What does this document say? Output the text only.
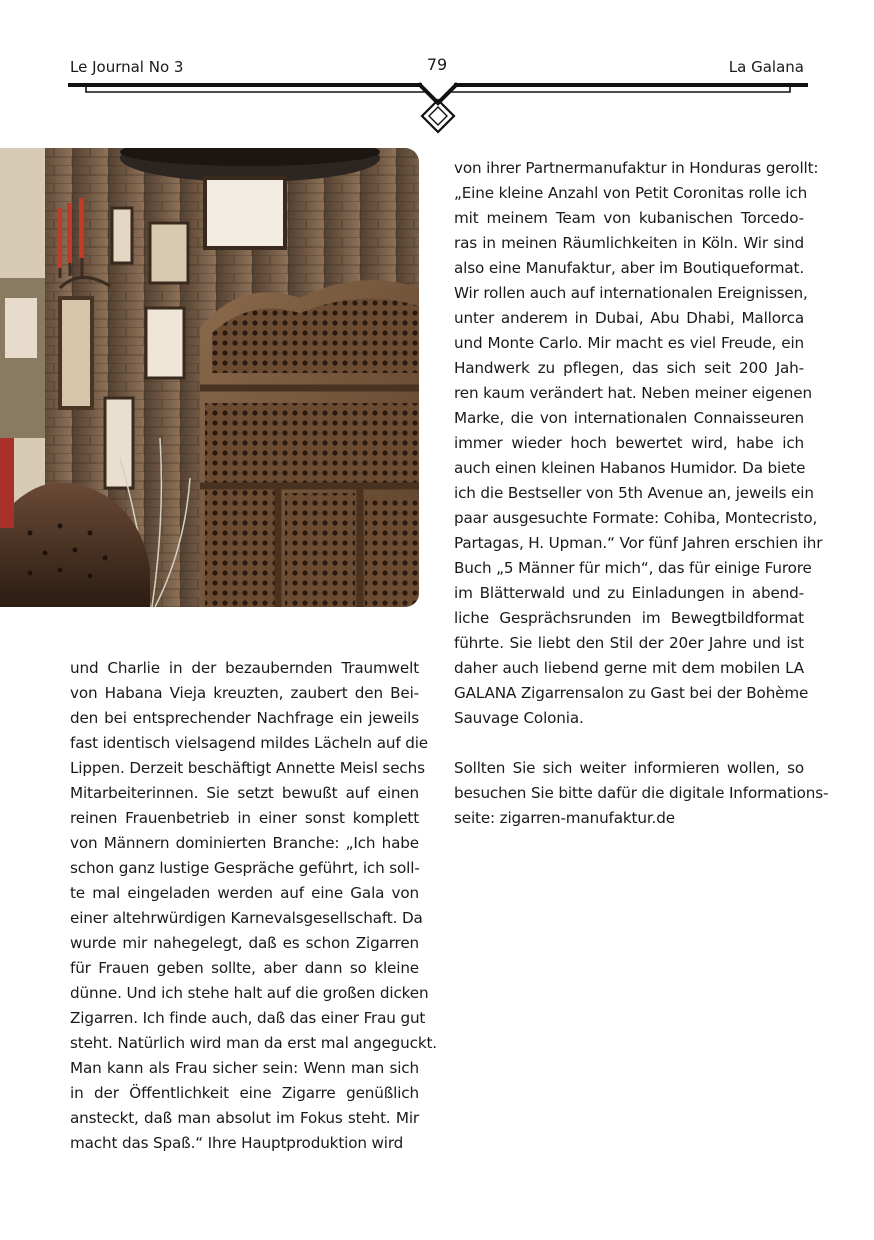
Le Journal No 3	79	La Galana

und Charlie in der bezaubernden Traumwelt
von Habana Vieja kreuzten, zaubert den Bei-
den bei entsprechender Nachfrage ein jeweils
fast identisch vielsagend mildes Lächeln auf die
Lippen. Derzeit beschäftigt Annette Meisl sechs
Mitarbeiterinnen. Sie setzt bewußt auf einen
reinen Frauenbetrieb in einer sonst komplett
von Männern dominierten Branche: „Ich habe
schon ganz lustige Gespräche geführt, ich soll-
te mal eingeladen werden auf eine Gala von
einer altehrwürdigen Karnevalsgesellschaft. Da
wurde mir nahegelegt, daß es schon Zigarren
für Frauen geben sollte, aber dann so kleine
dünne. Und ich stehe halt auf die großen dicken
Zigarren. Ich finde auch, daß das einer Frau gut
steht. Natürlich wird man da erst mal angeguckt.
Man kann als Frau sicher sein: Wenn man sich
in der Öffentlichkeit eine Zigarre genüßlich
ansteckt, daß man absolut im Fokus steht. Mir
macht das Spaß.“ Ihre Hauptproduktion wird

von ihrer Partnermanufaktur in Honduras gerollt:
„Eine kleine Anzahl von Petit Coronitas rolle ich
mit meinem Team von kubanischen Torcedo-
ras in meinen Räumlichkeiten in Köln. Wir sind
also eine Manufaktur, aber im Boutiqueformat.
Wir rollen auch auf internationalen Ereignissen,
unter anderem in Dubai, Abu Dhabi, Mallorca
und Monte Carlo. Mir macht es viel Freude, ein
Handwerk zu pflegen, das sich seit 200 Jah-
ren kaum verändert hat. Neben meiner eigenen
Marke, die von internationalen Connaisseuren
immer wieder hoch bewertet wird, habe ich
auch einen kleinen Habanos Humidor. Da biete
ich die Bestseller von 5th Avenue an, jeweils ein
paar ausgesuchte Formate: Cohiba, Montecristo,
Partagas, H. Upman.“ Vor fünf Jahren erschien ihr
Buch „5 Männer für mich“, das für einige Furore
im Blätterwald und zu Einladungen in abend-
liche Gesprächsrunden im Bewegtbildformat
führte. Sie liebt den Stil der 20er Jahre und ist
daher auch liebend gerne mit dem mobilen LA
GALANA Zigarrensalon zu Gast bei der Bohème
Sauvage Colonia.

Sollten Sie sich weiter informieren wollen, so
besuchen Sie bitte dafür die digitale Informations-
seite: zigarren-manufaktur.de
